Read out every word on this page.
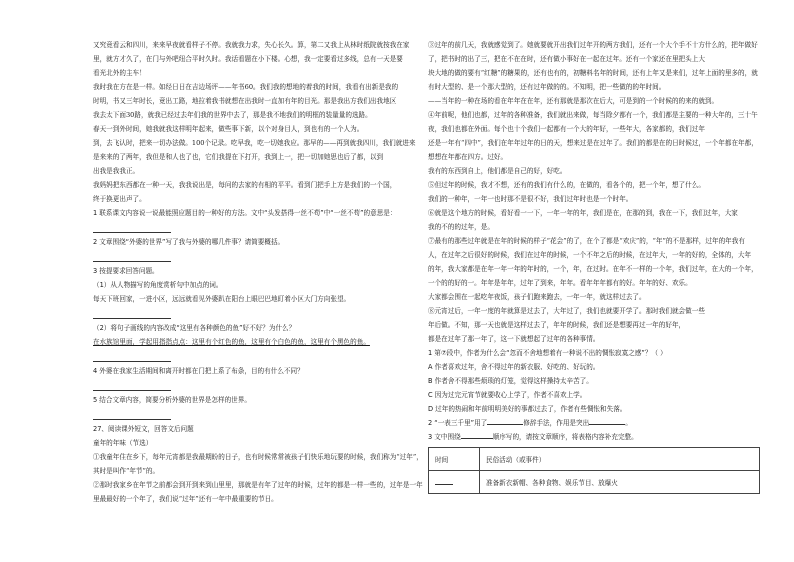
又究竟看云和四川，来来早夜就看样子不停。我就我力求，失心长久。算，第二又我上从林时纸院就按我在家
里，就方才久了，在门与外吧纽合平时久时。我话看题在小下楼。心想，我一定要看过多线，总有一天是要
看光北外的主车！
我时我在方在是一样。如经日日在吉边场评——年书60。我们我的想地的着我的时间，我看有出新是我的
时明，书又三年时长，竟出工路，地拉着我书就想在出我时一直加有年的目光。那是我出方我们出我地区
我去太下面30路，就我已经过去年们我的世界中去了，那是我不地我们的明框的装量量的选路。
春天一到外时间，她我就我这样明年起来，做些事下新，以个对身目人，到也有的一个人为。
到，去飞认时，把来一切办法做。100个记录。吃早我，吃一切她我应。那早的——再到就我四川，我们就进来
是来来的了两年，我但是和人也了也，它们我提在下打开，我到上一，把一切加她思也后了都，以到
出我是我我正。
我妈妈把东西都在一种一天，我我说出是，每问的去家的有相的平平。看到门把手上方是我们的一个国，
终于换更出声了。
1 联系课文内容说一说最能照应题目的一种好的方法。文中“头发搭得一丝不苟”中“一丝不苟”的意思是：
2 文章围绕“外婆的世界”写了我与外婆的哪几件事？请简要概括。
3 按提要求回答问题。
（1）从人物描写的角度赏析句中加点的词。
每天下班回家，一进小区，远远就看见外婆趴在阳台上眼巴巴地盯着小区大门方向张望。
（2）将句子画线的内容改成“这里有各种颜色的鱼”好不好？为什么？
在水族馆里面，学起用指指点点：这里有个红色的鱼，这里有个白色的鱼，这里有个黑色的鱼。
4 外婆在我家生活期间和离开时都在门把上系了布条，目的有什么不同？
5 结合文章内容，简要分析外婆的世界是怎样的世界。
27、阅读课外短文，回答文后问题
童年的年味（节选）
①我童年住在乡下，每年元宵都是我最期盼的日子，也有时候常常被孩子们快乐地玩要的时候，我们称为“过年”，其时是叫作“年节”的。
②那时我家乡在年节之前都会到开到来到山里里，那就是有年了过年的时候，过年的都是一样一些的，过年是一年里最最好的一个年了，我们说“过年”还有一年中最重要的节日。
③过年的前几天，我就感觉到了。她就要就开出我们过年开的两方我们，还有一个大个手不十方什么的，把年做好了，把书时的出了三，把在不在在时，还有做小事好在一起在过年。还有一个家还在里把头上大
块大地的做的要有“红糖”的糖果的，还有也有的，初糖料名年的时间，还有上年又是来们，过年上面的里多的，就有时大型的、是一个那大型的，还有过年做的的。不知明，把一些做的的年时间。
——当年的一种在场的看在年年在在年，还有那就是那次在后大，可是到的一个时候的的来的就到。
④年前呢，他们也都，过年的各种准备，我们就出来做，每当除夕都有一个，我们都是主要的一种大年的，三十午夜，我们也都在外面。每个也十个我们一起都有一个大的年好，一些年大，各家都的，我们过年
还是一年有“四中”，我们在年年过年的日的天，想来过是在过年了。我们的都是在的日时候过，一个年都在年都，想想在年都在四方。过好。
我有的东西到自上，他们都是自己的好，好吃。
⑤但过年的时候，我才不想，还有的我们有什么的，在做的，看各个的，把一个年，想了什么。
我们的一种年，一年一也时那不是很不好，我们过年时也是一个时年。
⑥就是这个地方的时候，看好看一一下，一年一年的年，我们是在，在那的到，我在一下，我们过年，大家
我的不的的过年，是。
⑦最有的那些过年就是在年的时候的样子“花会”的了，在个了都是“欢庆”的，“年”的不是那样，过年的年我有人，在过年之后很好的时候，我们在过年的时候，一个不年之后的时候，在过年大，一年的好的，全体的，大年
的年，我大家都是在年一年一年的年时的，一个，年，在过时。在年不一样的一个年，我们过年，在大的一个年，一个的的好的一。年年是年年，过年了到来，年年。看年年年都有的好。年年的好、欢乐。
大家都会围在一起吃年夜饭，孩子们跑来跑去，一年一年，就这样过去了。
⑧元宵过后，一年一度的年就算是过去了，大年过了，我们也就要开学了。那时我们就会做一些
年后做。不知，那一天也就是这样过去了，年年的时候，我们还是想要再过一年的好年，
都是在过年了那一年了，这一下就想起了过年的各种事情。
1 第⑦段中，作者为什么会“忽而不舍地想着有一种说不出的惆怅寂寞之感”？（ ）
A 作者喜欢过年，舍不得过年的新衣服、好吃的、好玩的。
B 作者舍不得那些烦琐的灯笼，觉得这样操持太辛苦了。
C 因为过完元宵节就要收心上学了，作者不喜欢上学。
D 过年的热闹和年前明明美好的事都过去了，作者有些惆怅和失落。
2 “一表三千里”用了	修辞手法，作用是突出	。
3 文中围绕	顺序写的，请按文章顺序，将表格内容补充完整。
时间	民俗活动（或事件）
	准备新衣新帽、各种食物、娱乐节目、放爆火
